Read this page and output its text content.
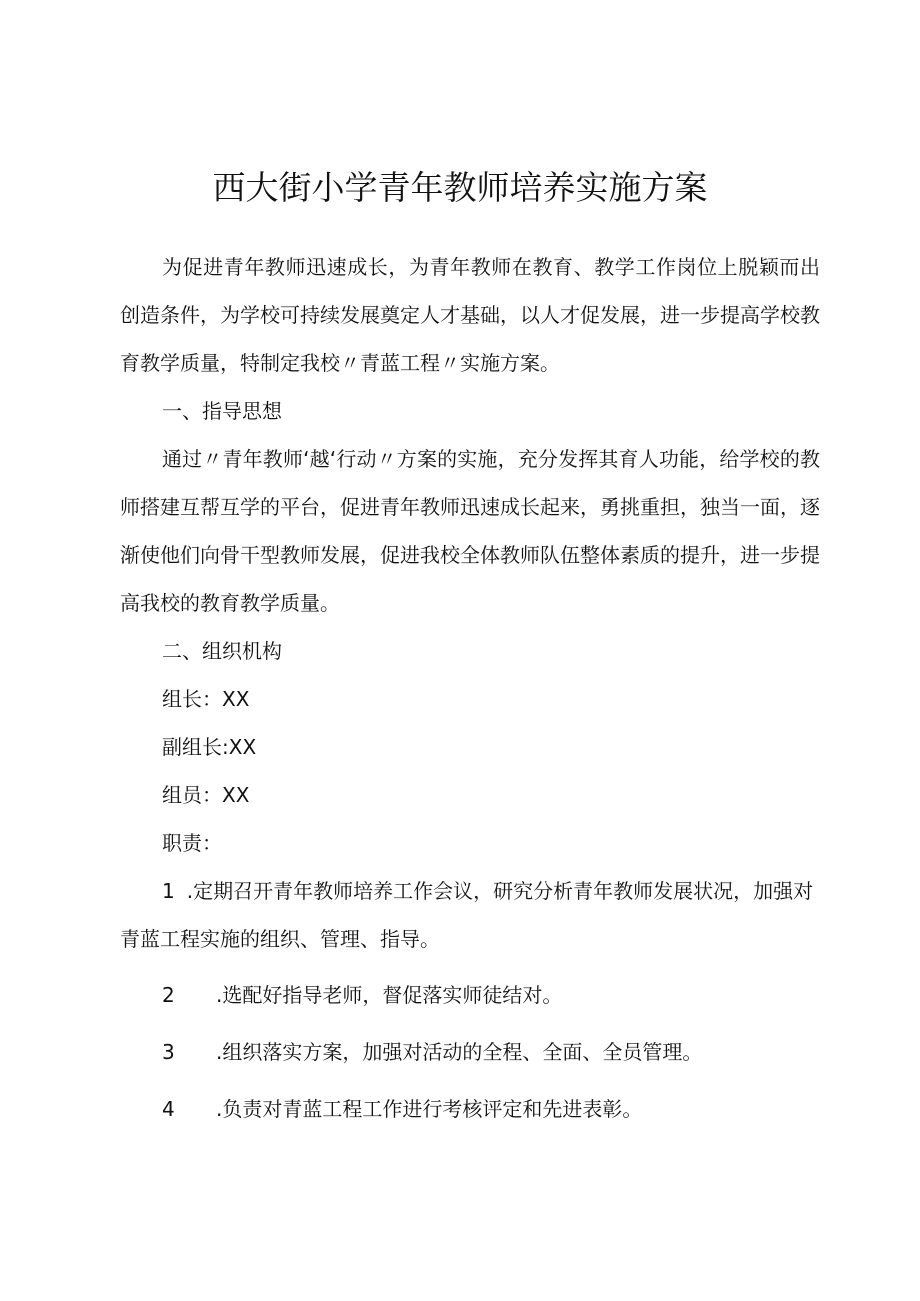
西大街小学青年教师培养实施方案
为促进青年教师迅速成长，为青年教师在教育、教学工作岗位上脱颖而出创造条件，为学校可持续发展奠定人才基础，以人才促发展，进一步提高学校教育教学质量，特制定我校〃青蓝工程〃实施方案。
一、指导思想
通过〃青年教师‘越‘行动〃方案的实施，充分发挥其育人功能，给学校的教师搭建互帮互学的平台，促进青年教师迅速成长起来，勇挑重担，独当一面，逐渐使他们向骨干型教师发展，促进我校全体教师队伍整体素质的提升，进一步提高我校的教育教学质量。
二、组织机构
组长：XX
副组长:XX
组员：XX
职责：
1 .定期召开青年教师培养工作会议，研究分析青年教师发展状况，加强对青蓝工程实施的组织、管理、指导。
2 .选配好指导老师，督促落实师徒结对。
3 .组织落实方案，加强对活动的全程、全面、全员管理。
4 .负责对青蓝工程工作进行考核评定和先进表彰。
